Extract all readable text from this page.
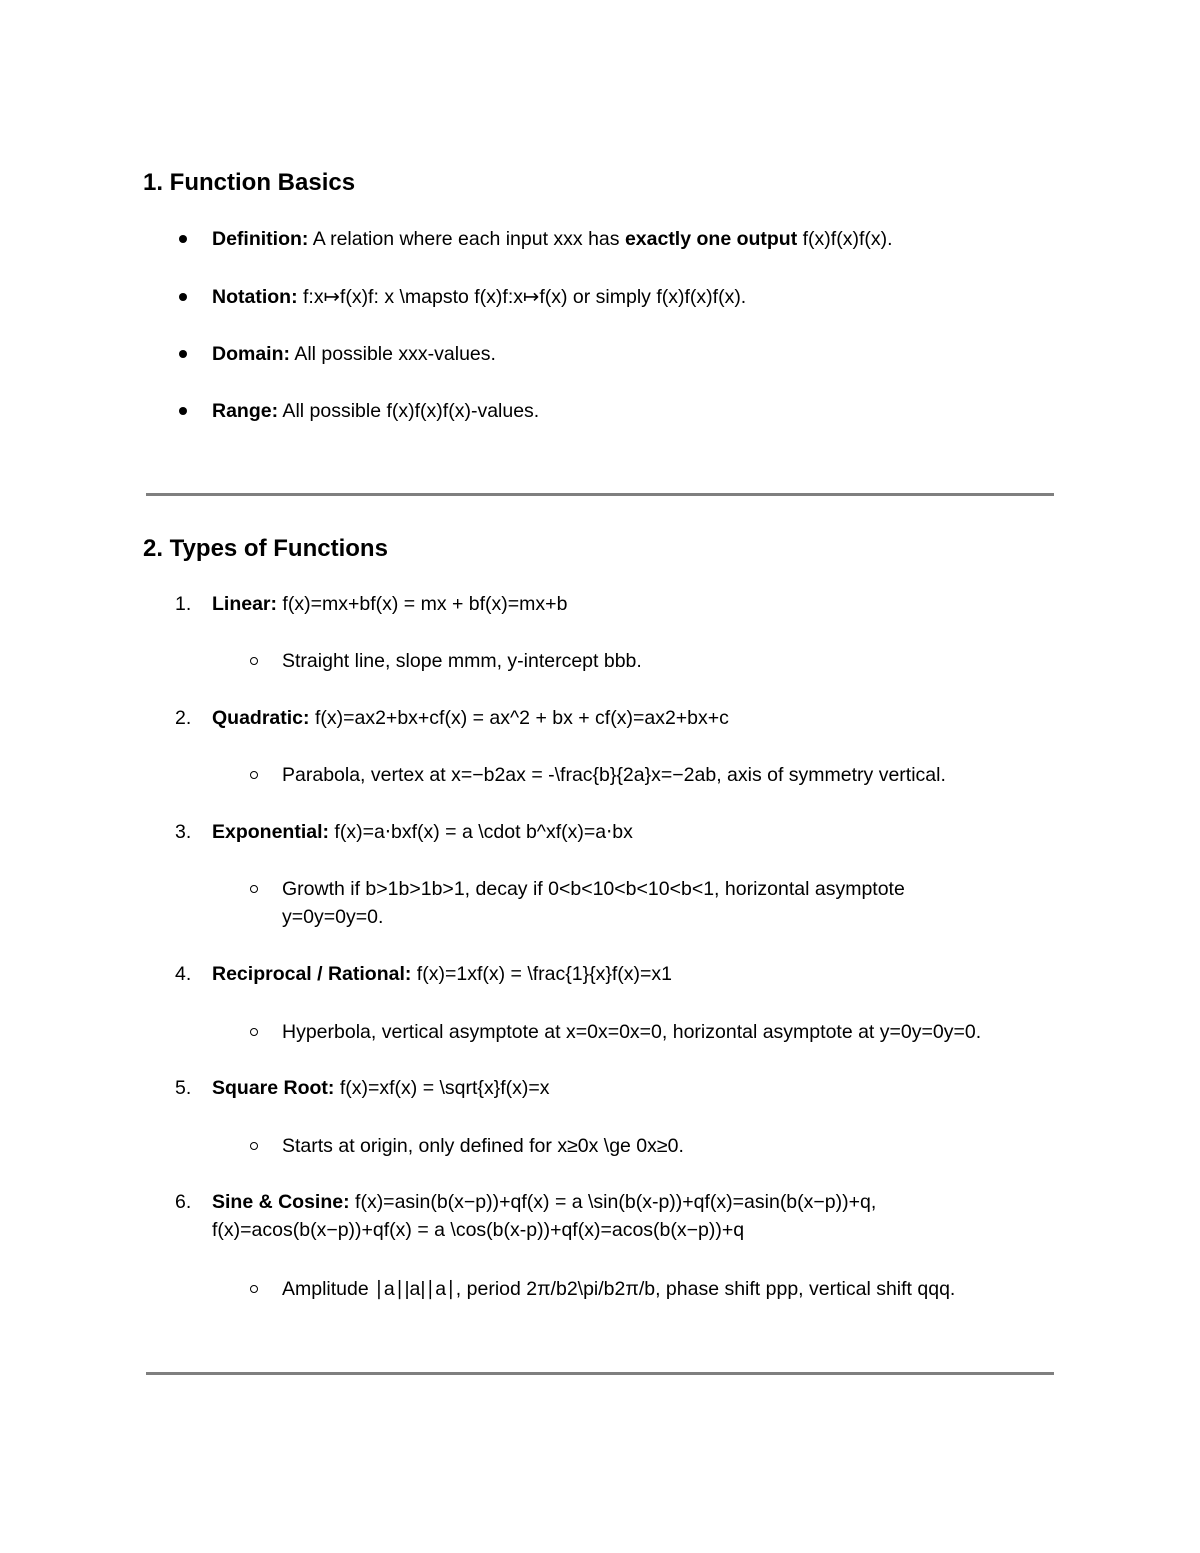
1. Function Basics
Definition: A relation where each input xxx has exactly one output f(x)f(x)f(x).
Notation: f:x↦f(x)f: x \mapsto f(x)f:x↦f(x) or simply f(x)f(x)f(x).
Domain: All possible xxx-values.
Range: All possible f(x)f(x)f(x)-values.
2. Types of Functions
1. Linear: f(x)=mx+bf(x) = mx + bf(x)=mx+b
Straight line, slope mmm, y-intercept bbb.
2. Quadratic: f(x)=ax2+bx+cf(x) = ax^2 + bx + cf(x)=ax2+bx+c
Parabola, vertex at x=−b2ax = -\frac{b}{2a}x=−2ab, axis of symmetry vertical.
3. Exponential: f(x)=a⋅bxf(x) = a \cdot b^xf(x)=a⋅bx
Growth if b>1b>1b>1, decay if 0<b<10<b<10<b<1, horizontal asymptote
y=0y=0y=0.
4. Reciprocal / Rational: f(x)=1xf(x) = \frac{1}{x}f(x)=x1
Hyperbola, vertical asymptote at x=0x=0x=0, horizontal asymptote at y=0y=0y=0.
5. Square Root: f(x)=xf(x) = \sqrt{x}f(x)=x
Starts at origin, only defined for x≥0x \ge 0x≥0.
6. Sine & Cosine: f(x)=asin(b(x−p))+qf(x) = a \sin(b(x-p))+qf(x)=asin(b(x−p))+q,
f(x)=acos(b(x−p))+qf(x) = a \cos(b(x-p))+qf(x)=acos(b(x−p))+q
Amplitude ∣a∣|a|∣a∣, period 2π/b2\pi/b2π/b, phase shift ppp, vertical shift qqq.
